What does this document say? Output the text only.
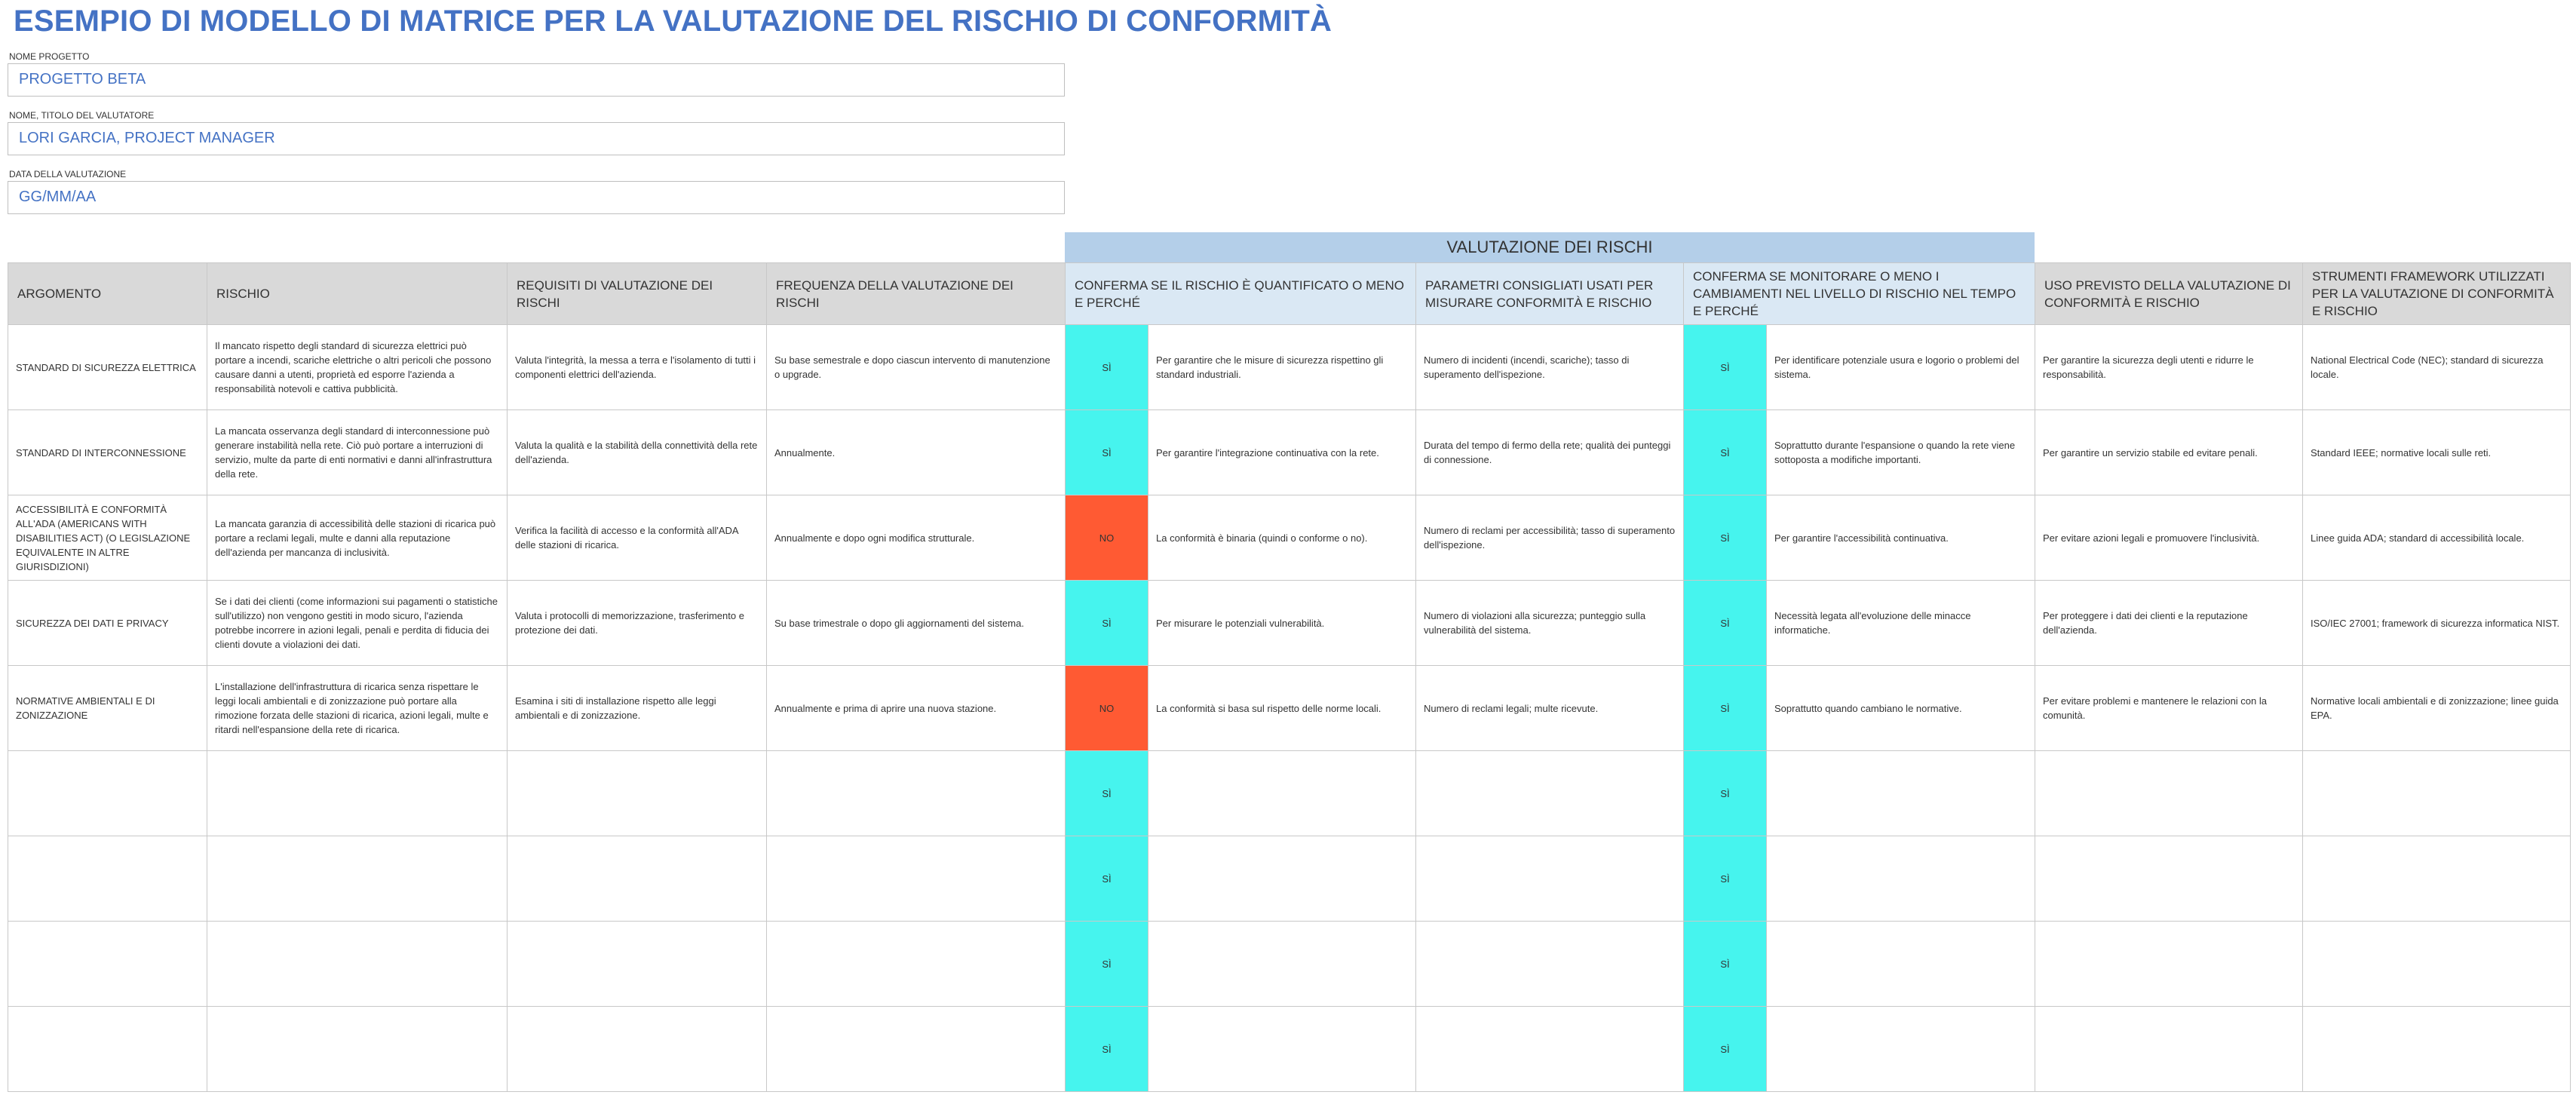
ESEMPIO DI MODELLO DI MATRICE PER LA VALUTAZIONE DEL RISCHIO DI CONFORMITÀ
NOME PROGETTO
PROGETTO BETA
NOME, TITOLO DEL VALUTATORE
LORI GARCIA, PROJECT MANAGER
DATA DELLA VALUTAZIONE
GG/MM/AA
VALUTAZIONE DEI RISCHI
ARGOMENTO	RISCHIO	REQUISITI DI VALUTAZIONE DEI RISCHI	FREQUENZA DELLA VALUTAZIONE DEI RISCHI	CONFERMA SE IL RISCHIO È QUANTIFICATO O MENO E PERCHÉ		PARAMETRI CONSIGLIATI USATI PER MISURARE CONFORMITÀ E RISCHIO	CONFERMA SE MONITORARE O MENO I CAMBIAMENTI NEL LIVELLO DI RISCHIO NEL TEMPO E PERCHÉ		USO PREVISTO DELLA VALUTAZIONE DI CONFORMITÀ E RISCHIO	STRUMENTI FRAMEWORK UTILIZZATI PER LA VALUTAZIONE DI CONFORMITÀ E RISCHIO
STANDARD DI SICUREZZA ELETTRICA	Il mancato rispetto degli standard di sicurezza elettrici può portare a incendi, scariche elettriche o altri pericoli che possono causare danni a utenti, proprietà ed esporre l'azienda a responsabilità notevoli e cattiva pubblicità.	Valuta l'integrità, la messa a terra e l'isolamento di tutti i componenti elettrici dell'azienda.	Su base semestrale e dopo ciascun intervento di manutenzione o upgrade.	SÌ	Per garantire che le misure di sicurezza rispettino gli standard industriali.	Numero di incidenti (incendi, scariche); tasso di superamento dell'ispezione.	SÌ	Per identificare potenziale usura e logorio o problemi del sistema.	Per garantire la sicurezza degli utenti e ridurre le responsabilità.	National Electrical Code (NEC); standard di sicurezza locale.
STANDARD DI INTERCONNESSIONE	La mancata osservanza degli standard di interconnessione può generare instabilità nella rete. Ciò può portare a interruzioni di servizio, multe da parte di enti normativi e danni all'infrastruttura della rete.	Valuta la qualità e la stabilità della connettività della rete dell'azienda.	Annualmente.	SÌ	Per garantire l'integrazione continuativa con la rete.	Durata del tempo di fermo della rete; qualità dei punteggi di connessione.	SÌ	Soprattutto durante l'espansione o quando la rete viene sottoposta a modifiche importanti.	Per garantire un servizio stabile ed evitare penali.	Standard IEEE; normative locali sulle reti.
ACCESSIBILITÀ E CONFORMITÀ ALL'ADA (AMERICANS WITH DISABILITIES ACT) (O LEGISLAZIONE EQUIVALENTE IN ALTRE GIURISDIZIONI)	La mancata garanzia di accessibilità delle stazioni di ricarica può portare a reclami legali, multe e danni alla reputazione dell'azienda per mancanza di inclusività.	Verifica la facilità di accesso e la conformità all'ADA delle stazioni di ricarica.	Annualmente e dopo ogni modifica strutturale.	NO	La conformità è binaria (quindi o conforme o no).	Numero di reclami per accessibilità; tasso di superamento dell'ispezione.	SÌ	Per garantire l'accessibilità continuativa.	Per evitare azioni legali e promuovere l'inclusività.	Linee guida ADA; standard di accessibilità locale.
SICUREZZA DEI DATI E PRIVACY	Se i dati dei clienti (come informazioni sui pagamenti o statistiche sull'utilizzo) non vengono gestiti in modo sicuro, l'azienda potrebbe incorrere in azioni legali, penali e perdita di fiducia dei clienti dovute a violazioni dei dati.	Valuta i protocolli di memorizzazione, trasferimento e protezione dei dati.	Su base trimestrale o dopo gli aggiornamenti del sistema.	SÌ	Per misurare le potenziali vulnerabilità.	Numero di violazioni alla sicurezza; punteggio sulla vulnerabilità del sistema.	SÌ	Necessità legata all'evoluzione delle minacce informatiche.	Per proteggere i dati dei clienti e la reputazione dell'azienda.	ISO/IEC 27001; framework di sicurezza informatica NIST.
NORMATIVE AMBIENTALI E DI ZONIZZAZIONE	L'installazione dell'infrastruttura di ricarica senza rispettare le leggi locali ambientali e di zonizzazione può portare alla rimozione forzata delle stazioni di ricarica, azioni legali, multe e ritardi nell'espansione della rete di ricarica.	Esamina i siti di installazione rispetto alle leggi ambientali e di zonizzazione.	Annualmente e prima di aprire una nuova stazione.	NO	La conformità si basa sul rispetto delle norme locali.	Numero di reclami legali; multe ricevute.	SÌ	Soprattutto quando cambiano le normative.	Per evitare problemi e mantenere le relazioni con la comunità.	Normative locali ambientali e di zonizzazione; linee guida EPA.
				SÌ			SÌ			
				SÌ			SÌ			
				SÌ			SÌ			
				SÌ			SÌ			
